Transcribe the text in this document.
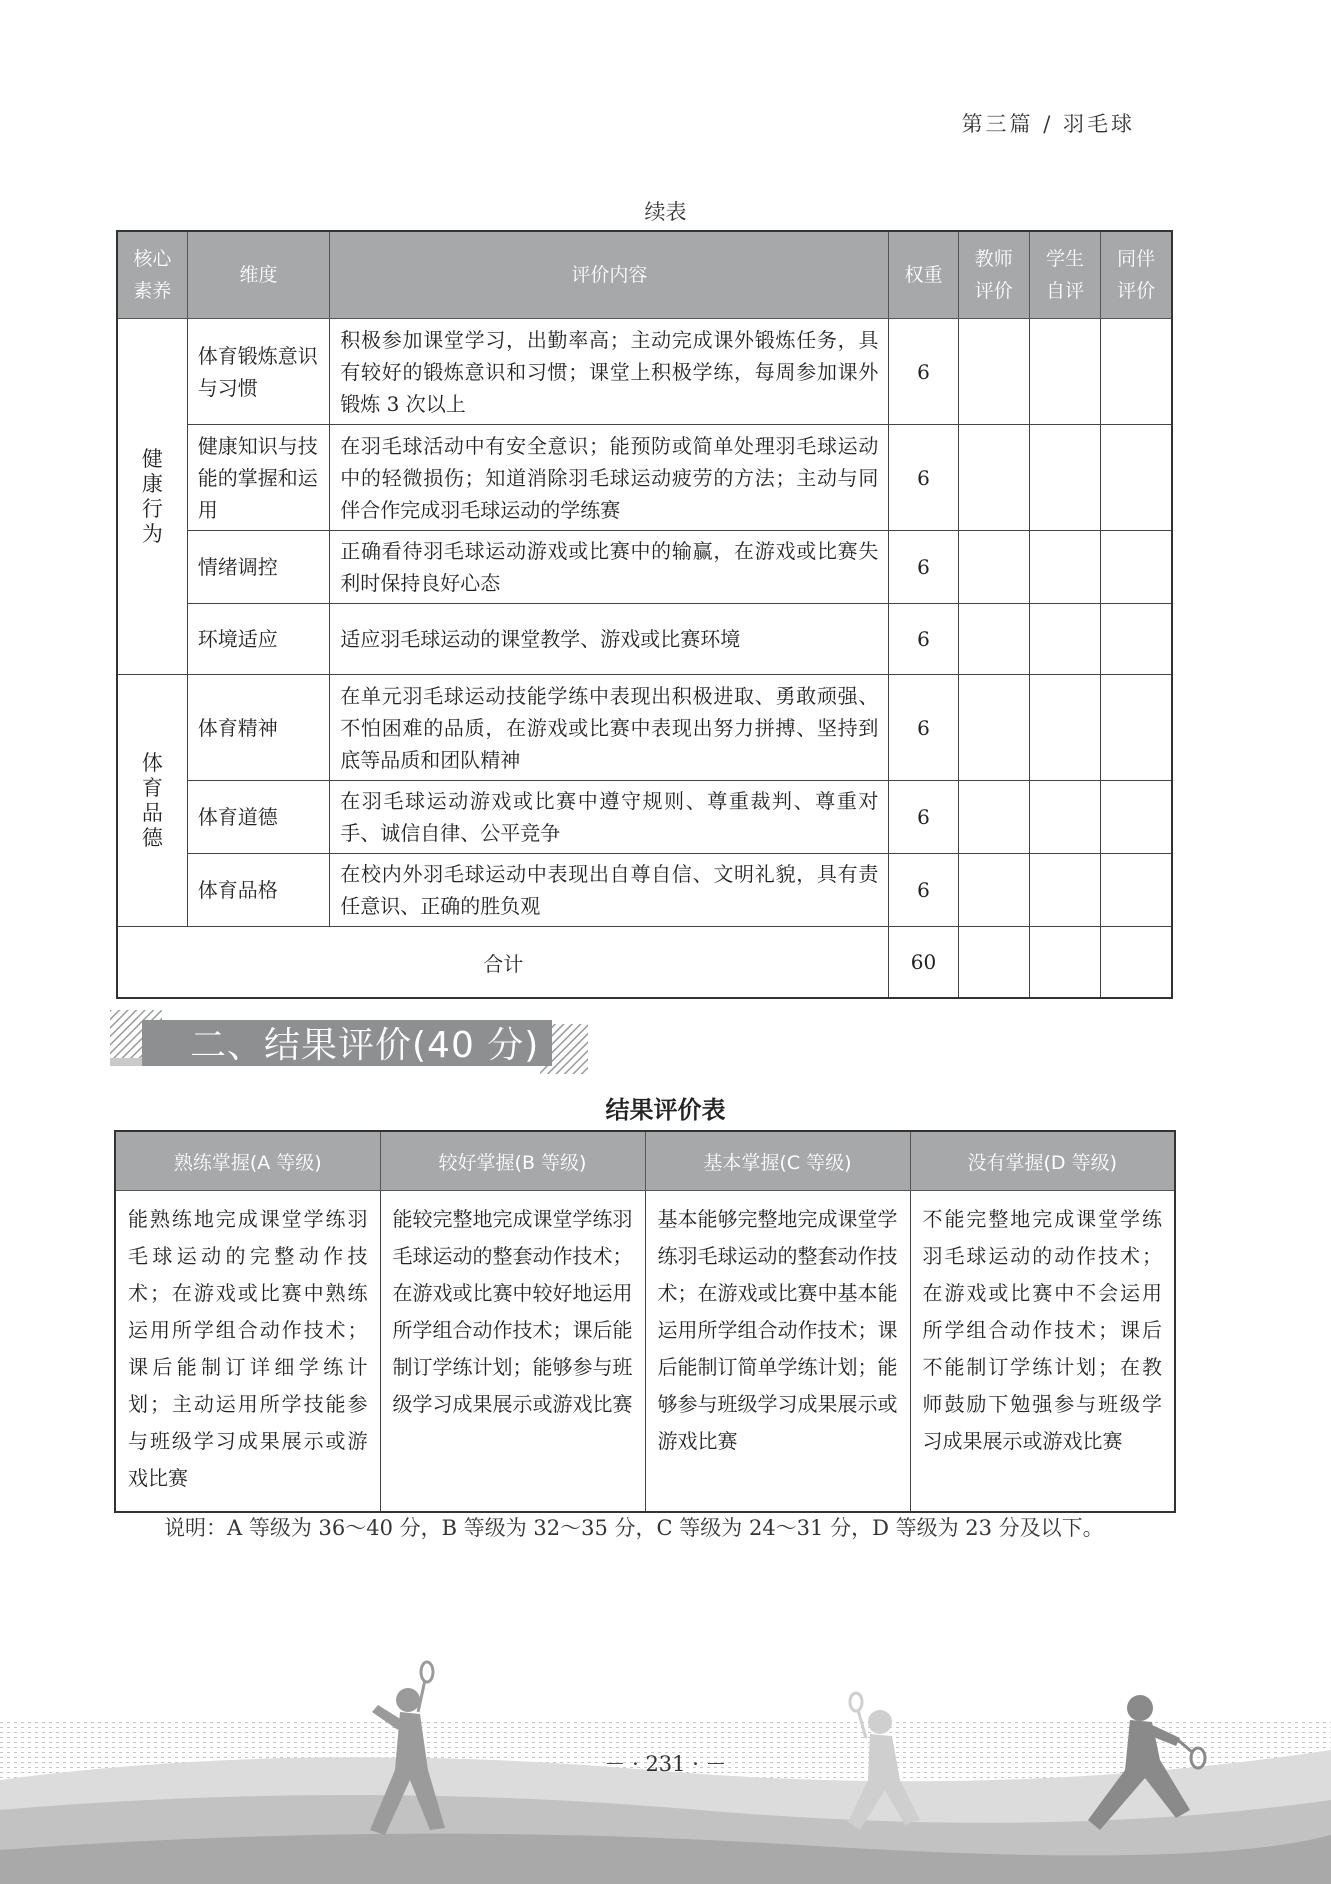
第三篇 / 羽毛球
续表
核心素养	维度	评价内容	权重	教师评价	学生自评	同伴评价
健康行为	体育锻炼意识与习惯	积极参加课堂学习，出勤率高；主动完成课外锻炼任务，具有较好的锻炼意识和习惯；课堂上积极学练，每周参加课外锻炼 3 次以上	6			
	健康知识与技能的掌握和运用	在羽毛球活动中有安全意识；能预防或简单处理羽毛球运动中的轻微损伤；知道消除羽毛球运动疲劳的方法；主动与同伴合作完成羽毛球运动的学练赛	6			
	情绪调控	正确看待羽毛球运动游戏或比赛中的输赢，在游戏或比赛失利时保持良好心态	6			
	环境适应	适应羽毛球运动的课堂教学、游戏或比赛环境	6			
体育品德	体育精神	在单元羽毛球运动技能学练中表现出积极进取、勇敢顽强、不怕困难的品质，在游戏或比赛中表现出努力拼搏、坚持到底等品质和团队精神	6			
	体育道德	在羽毛球运动游戏或比赛中遵守规则、尊重裁判、尊重对手、诚信自律、公平竞争	6			
	体育品格	在校内外羽毛球运动中表现出自尊自信、文明礼貌，具有责任意识、正确的胜负观	6			
合计			60			
二、结果评价(40 分)
结果评价表
熟练掌握(A 等级)	较好掌握(B 等级)	基本掌握(C 等级)	没有掌握(D 等级)
能熟练地完成课堂学练羽毛球运动的完整动作技术；在游戏或比赛中熟练运用所学组合动作技术；课后能制订详细学练计划；主动运用所学技能参与班级学习成果展示或游戏比赛	能较完整地完成课堂学练羽毛球运动的整套动作技术；在游戏或比赛中较好地运用所学组合动作技术；课后能制订学练计划；能够参与班级学习成果展示或游戏比赛	基本能够完整地完成课堂学练羽毛球运动的整套动作技术；在游戏或比赛中基本能运用所学组合动作技术；课后能制订简单学练计划；能够参与班级学习成果展示或游戏比赛	不能完整地完成课堂学练羽毛球运动的动作技术；在游戏或比赛中不会运用所学组合动作技术；课后不能制订学练计划；在教师鼓励下勉强参与班级学习成果展示或游戏比赛
说明：A 等级为 36～40 分，B 等级为 32～35 分，C 等级为 24～31 分，D 等级为 23 分及以下。
－ · 231 · －
